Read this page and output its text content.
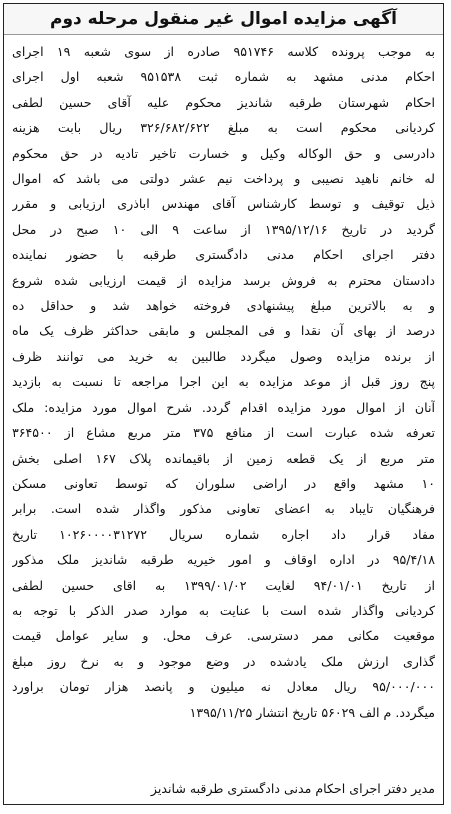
آگهی مزایده اموال غیر منقول مرحله دوم
به موجب پرونده کلاسه ۹۵۱۷۴۶ صادره از سوی شعبه ۱۹ اجرای
احکام مدنی مشهد به شماره ثبت ۹۵۱۵۳۸ شعبه اول اجرای
احکام شهرستان طرقبه شاندیز محکوم علیه آقای حسین لطفی
کردیانی محکوم است به مبلغ ۳۲۶/۶۸۲/۶۲۲ ریال بابت هزینه
دادرسی و حق الوکاله وکیل و خسارت تاخیر تادیه در حق محکوم
له خانم ناهید نصیبی و پرداخت نیم عشر دولتی می باشد که اموال
ذیل توقیف و توسط کارشناس آقای مهندس اباذری ارزیابی و مقرر
گردید در تاریخ ۱۳۹۵/۱۲/۱۶ از ساعت ۹ الی ۱۰ صبح در محل
دفتر اجرای احکام مدنی دادگستری طرقبه با حضور نماینده
دادستان محترم به فروش برسد مزایده از قیمت ارزیابی شده شروع
و به بالاترین مبلغ پیشنهادی فروخته خواهد شد و حداقل ده
درصد از بهای آن نقدا و فی المجلس و مابقی حداکثر ظرف یک ماه
از برنده مزایده وصول میگردد طالبین به خرید می توانند ظرف
پنج روز قبل از موعد مزایده به این اجرا مراجعه تا نسبت به بازدید
آنان از اموال مورد مزایده اقدام گردد. شرح اموال مورد مزایده: ملک
تعرفه شده عبارت است از منافع ۳۷۵ متر مربع مشاع از ۳۶۴۵۰۰
متر مربع از یک قطعه زمین از باقیمانده پلاک ۱۶۷ اصلی بخش
۱۰ مشهد واقع در اراضی سلوران که توسط تعاونی مسکن
فرهنگیان تایباد به اعضای تعاونی مذکور واگذار شده است. برابر
مفاد قرار داد اجاره شماره سریال ۱۰۲۶۰۰۰۰۳۱۲۷۲ تاریخ
۹۵/۴/۱۸ در اداره اوقاف و امور خیریه طرقبه شاندیز ملک مذکور
از تاریخ ۹۴/۰۱/۰۱ لغایت ۱۳۹۹/۰۱/۰۲ به اقای حسین لطفی
کردیانی واگذار شده است با عنایت به موارد صدر الذکر با توجه به
موقعیت مکانی ممر دسترسی. عرف محل. و سایر عوامل قیمت
گذاری ارزش ملک یادشده در وضع موجود و به نرخ روز مبلغ
۹۵/۰۰۰/۰۰۰ ریال معادل نه میلیون و پانصد هزار تومان براورد
میگردد. م الف ۵۶۰۲۹ تاریخ انتشار ۱۳۹۵/۱۱/۲۵
مدیر دفتر اجرای احکام مدنی دادگستری طرقبه شاندیز
